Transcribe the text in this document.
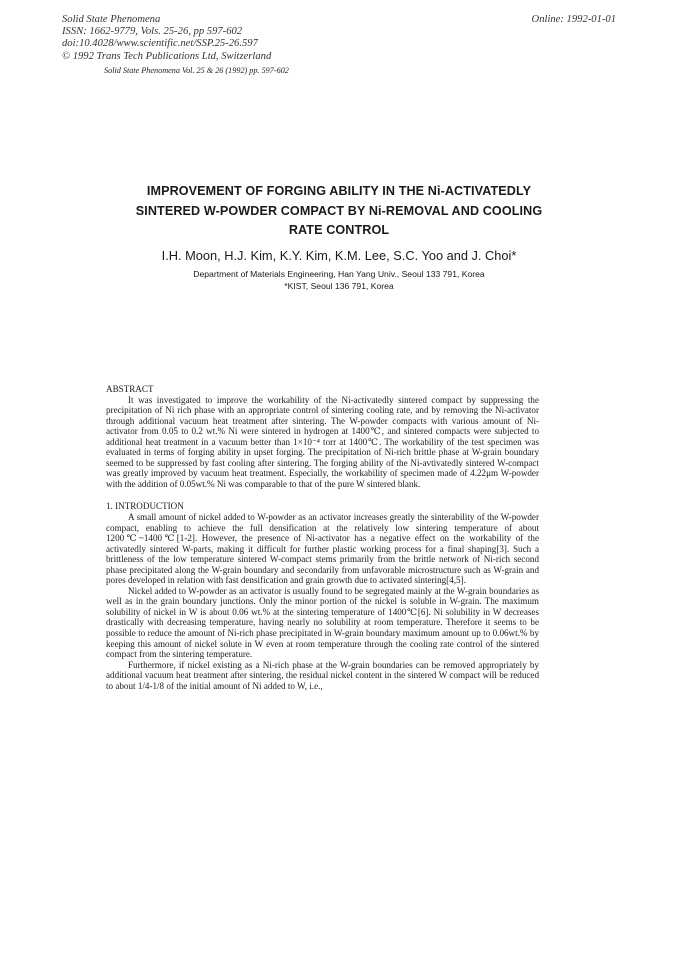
Solid State Phenomena
ISSN: 1662-9779, Vols. 25-26, pp 597-602
doi:10.4028/www.scientific.net/SSP.25-26.597
© 1992 Trans Tech Publications Ltd, Switzerland
Online: 1992-01-01
Solid State Phenomena Vol. 25 & 26 (1992) pp. 597-602
IMPROVEMENT OF FORGING ABILITY IN THE Ni-ACTIVATEDLY
SINTERED W-POWDER COMPACT BY Ni-REMOVAL AND COOLING
RATE CONTROL
I.H. Moon, H.J. Kim, K.Y. Kim, K.M. Lee, S.C. Yoo and J. Choi*
Department of Materials Engineering, Han Yang Univ., Seoul 133 791, Korea
*KIST, Seoul 136 791, Korea
ABSTRACT

It was investigated to improve the workability of the Ni-activatedly sintered compact by suppressing the precipitation of Ni rich phase with an appropriate control of sintering cooling rate, and by removing the Ni-activator through additional vacuum heat treatment after sintering. The W-powder compacts with various amount of Ni-activator from 0.05 to 0.2 wt.% Ni were sintered in hydrogen at 1400℃, and sintered compacts were subjected to additional heat treatment in a vacuum better than 1×10⁻⁴ torr at 1400℃. The workability of the test specimen was evaluated in terms of forging ability in upset forging. The precipitation of Ni-rich brittle phase at W-grain boundary seemed to be suppressed by fast cooling after sintering. The forging ability of the Ni-avtivatedly sintered W-compact was greatly improved by vacuum heat treatment. Especially, the workability of specimen made of 4.22μm W-powder with the addition of 0.05wt.% Ni was comparable to that of the pure W sintered blank.

1. INTRODUCTION

A small amount of nickel added to W-powder as an activator increases greatly the sinterability of the W-powder compact, enabling to achieve the full densification at the relatively low sintering temperature of about 1200℃~1400℃[1-2]. However, the presence of Ni-activator has a negative effect on the workability of the activatedly sintered W-parts, making it difficult for further plastic working process for a final shaping[3]. Such a brittleness of the low temperature sintered W-compact stems primarily from the brittle network of Ni-rich second phase precipitated along the W-grain boundary and secondarily from unfavorable microstructure such as W-grain and pores developed in relation with fast densification and grain growth due to activated sintering[4,5].

Nickel added to W-powder as an activator is usually found to be segregated mainly at the W-grain boundaries as well as in the grain boundary junctions. Only the minor portion of the nickel is soluble in W-grain. The maximum solubility of nickel in W is about 0.06 wt.% at the sintering temperature of 1400℃[6]. Ni solubility in W decreases drastically with decreasing temperature, having nearly no solubility at room temperature. Therefore it seems to be possible to reduce the amount of Ni-rich phase precipitated in W-grain boundary maximum amount up to 0.06wt.% by keeping this amount of nickel solute in W even at room temperature through the cooling rate control of the sintered compact from the sintering temperature.

Furthermore, if nickel existing as a Ni-rich phase at the W-grain boundaries can be removed appropriately by additional vacuum heat treatment after sintering, the residual nickel content in the sintered W compact will be reduced to about 1/4-1/8 of the initial amount of Ni added to W, i.e.,
